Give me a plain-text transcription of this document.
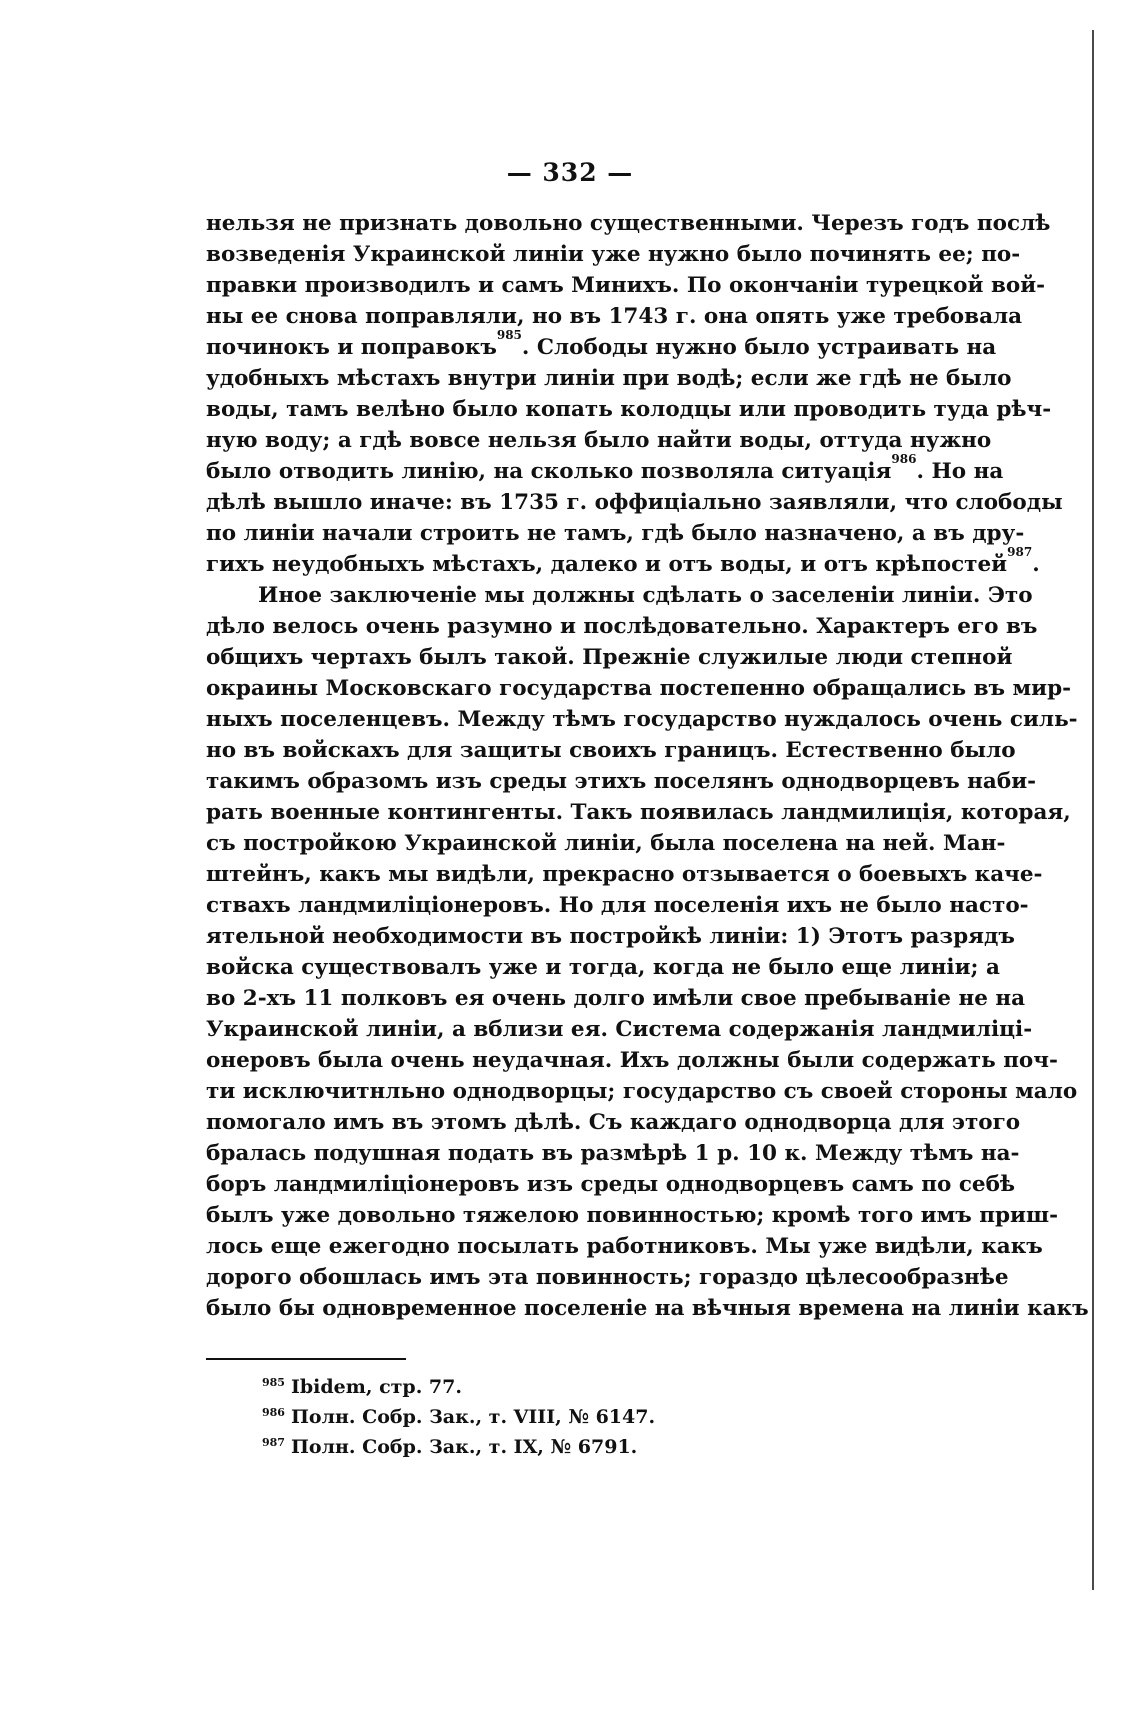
— 332 —
нельзя не признать довольно существенными. Черезъ годъ послѣ
возведенія Украинской линіи уже нужно было починять ее; по-
правки производилъ и самъ Минихъ. По окончаніи турецкой вой-
ны ее снова поправляли, но въ 1743 г. она опять уже требовала
починокъ и поправокъ$^{985}$. Слободы нужно было устраивать на
удобныхъ мѣстахъ внутри линіи при водѣ; если же гдѣ не было
воды, тамъ велѣно было копать колодцы или проводить туда рѣч-
ную воду; а гдѣ вовсе нельзя было найти воды, оттуда нужно
было отводить линію, на сколько позволяла ситуація$^{986}$. Но на
дѣлѣ вышло иначе: въ 1735 г. оффиціально заявляли, что слободы
по линіи начали строить не тамъ, гдѣ было назначено, а въ дру-
гихъ неудобныхъ мѣстахъ, далеко и отъ воды, и отъ крѣпостей$^{987}$.
Иное заключеніе мы должны сдѣлать о заселеніи линіи. Это
дѣло велось очень разумно и послѣдовательно. Характеръ его въ
общихъ чертахъ былъ такой. Прежніе служилые люди степной
окраины Московскаго государства постепенно обращались въ мир-
ныхъ поселенцевъ. Между тѣмъ государство нуждалось очень силь-
но въ войскахъ для защиты своихъ границъ. Естественно было
такимъ образомъ изъ среды этихъ поселянъ однодворцевъ наби-
рать военные контингенты. Такъ появилась ландмилиція, которая,
съ постройкою Украинской линіи, была поселена на ней. Ман-
штейнъ, какъ мы видѣли, прекрасно отзывается о боевыхъ каче-
ствахъ ландмиліціонеровъ. Но для поселенія ихъ не было насто-
ятельной необходимости въ постройкѣ линіи: 1) Этотъ разрядъ
войска существовалъ уже и тогда, когда не было еще линіи; а
во 2-хъ 11 полковъ ея очень долго имѣли свое пребываніе не на
Украинской линіи, а вблизи ея. Система содержанія ландмиліці-
онеровъ была очень неудачная. Ихъ должны были содержать поч-
ти исключитнльно однодворцы; государство съ своей стороны мало
помогало имъ въ этомъ дѣлѣ. Съ каждаго однодворца для этого
бралась подушная подать въ размѣрѣ 1 р. 10 к. Между тѣмъ на-
боръ ландмиліціонеровъ изъ среды однодворцевъ самъ по себѣ
былъ уже довольно тяжелою повинностью; кромѣ того имъ приш-
лось еще ежегодно посылать работниковъ. Мы уже видѣли, какъ
дорого обошлась имъ эта повинность; гораздо цѣлесообразнѣе
было бы одновременное поселеніе на вѣчныя времена на линіи какъ
$^{985}$ Ibidem, стр. 77.
$^{986}$ Полн. Собр. Зак., т. VIII, № 6147.
$^{987}$ Полн. Собр. Зак., т. IX, № 6791.
